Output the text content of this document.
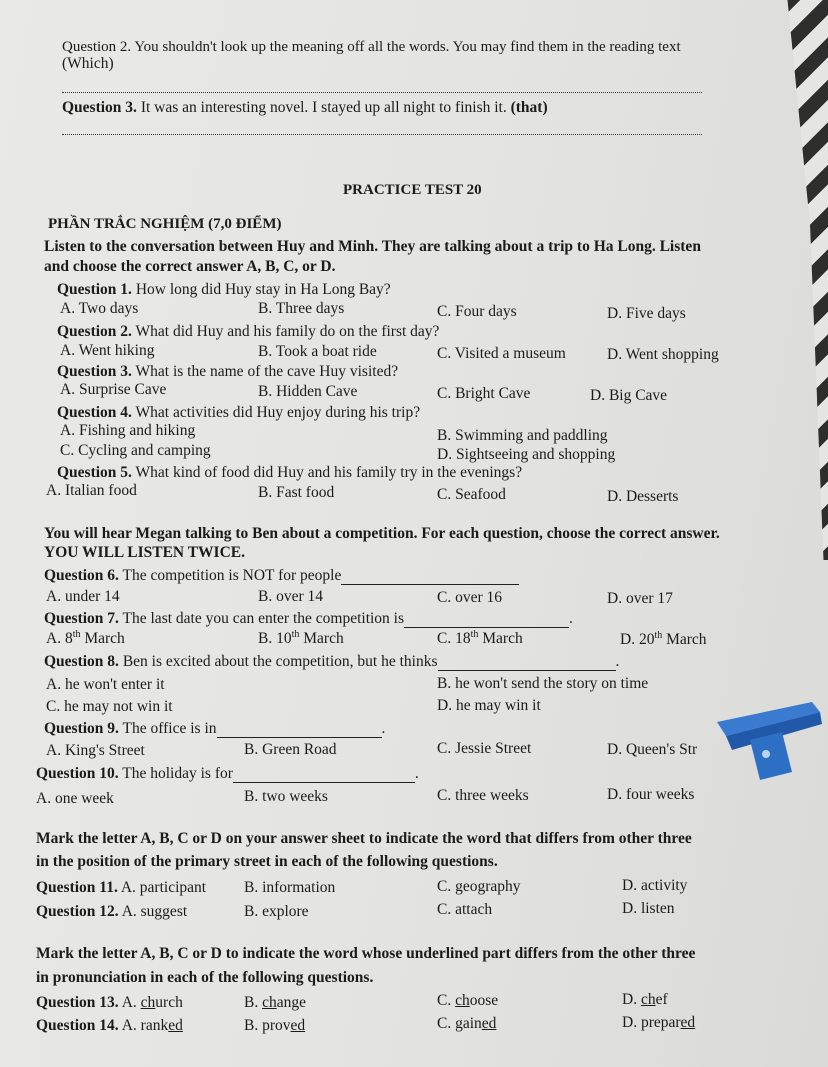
Question 2. You shouldn't look up the meaning off all the words. You may find them in the reading text
(Which)
Question 3. It was an interesting novel. I stayed up all night to finish it. (that)
PRACTICE TEST 20
PHẦN TRẮC NGHIỆM (7,0 ĐIỂM)
Listen to the conversation between Huy and Minh. They are talking about a trip to Ha Long. Listen
and choose the correct answer A, B, C, or D.
Question 1. How long did Huy stay in Ha Long Bay?
A. Two days	B. Three days	C. Four days	D. Five days
Question 2. What did Huy and his family do on the first day?
A. Went hiking	B. Took a boat ride	C. Visited a museum	D. Went shopping
Question 3. What is the name of the cave Huy visited?
A. Surprise Cave	B. Hidden Cave	C. Bright Cave	D. Big Cave
Question 4. What activities did Huy enjoy during his trip?
A. Fishing and hiking	B. Swimming and paddling
C. Cycling and camping	D. Sightseeing and shopping
Question 5. What kind of food did Huy and his family try in the evenings?
A. Italian food	B. Fast food	C. Seafood	D. Desserts
You will hear Megan talking to Ben about a competition. For each question, choose the correct answer.
YOU WILL LISTEN TWICE.
Question 6. The competition is NOT for people
A. under 14	B. over 14	C. over 16	D. over 17
Question 7. The last date you can enter the competition is	.
A. 8th March	B. 10th March	C. 18th March	D. 20th March
Question 8. Ben is excited about the competition, but he thinks	.
A. he won't enter it	B. he won't send the story on time
C. he may not win it	D. he may win it
Question 9. The office is in	.
A. King's Street	B. Green Road	C. Jessie Street	D. Queen's Str
Question 10. The holiday is for	.
A. one week	B. two weeks	C. three weeks	D. four weeks
Mark the letter A, B, C or D on your answer sheet to indicate the word that differs from other three
in the position of the primary street in each of the following questions.
Question 11. A. participant B. information	C. geography	D. activity
Question 12. A. suggest	B. explore	C. attach	D. listen
Mark the letter A, B, C or D to indicate the word whose underlined part differs from the other three
in pronunciation in each of the following questions.
Question 13. A. church	B. change	C. choose	D. chef
Question 14. A. ranked	B. proved	C. gained	D. prepared
